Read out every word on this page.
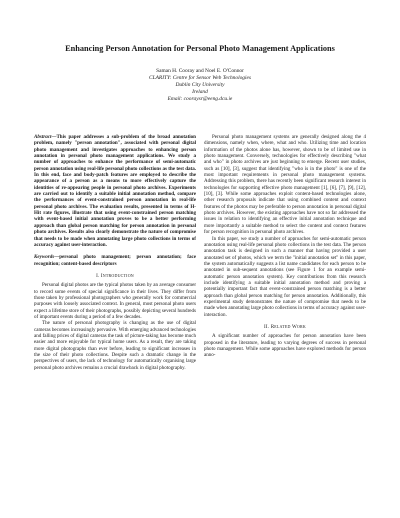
Enhancing Person Annotation for Personal Photo Management Applications
Saman H. Cooray and Noel E. O'Connor
CLARITY: Centre for Sensor Web Technologies
Dublin City University
Ireland
Email: cooraysr@eeng.dcu.ie
Abstract—This paper addresses a sub-problem of the broad annotation problem, namely "person annotation", associated with personal digital photo management and investigates approaches to enhancing person annotation in personal photo management applications. We study a number of approaches to enhance the performance of semi-automatic person annotation using real-life personal photo collections as the test data. In this end, face and body-patch features are employed to describe the appearance of a person as a means to more effectively capture the identities of re-appearing people in personal photo archives. Experiments are carried out to identify a suitable initial annotation method, compare the performances of event-constrained person annotation in real-life personal photo archives. The evaluation results, presented in terms of H-Hit rate figures, illustrate that using event-constrained person matching with event-based initial annotation proves to be a better performing approach than global person matching for person annotation in personal photo archives. Results also clearly demonstrate the nature of compromise that needs to be made when annotating large photo collections in terms of accuracy against user-interaction.
Keywords—personal photo management; person annotation; face recognition; content-based descriptors
I. Introduction

Personal digital photos are the typical photos taken by an average consumer to record some events of special significance in their lives. They differ from those taken by professional photographers who generally work for commercial purposes with loosely associated context. In general, most personal photo users expect a lifetime store of their photographs, possibly depicting several hundreds of important events during a period of a few decades.

The nature of personal photography is changing as the use of digital cameras becomes increasingly pervasive. With emerging advanced technologies and falling prices of digital cameras the task of picture-taking has become much easier and more enjoyable for typical home users. As a result, they are taking more digital photographs than ever before, leading to significant increases in the size of their photo collections. Despite such a dramatic change in the perspectives of users, the lack of technology for automatically organising large personal photo archives remains a crucial drawback in digital photography.

Personal photo management systems are generally designed along the 4 dimensions, namely when, where, what and who. Utilizing time and location information of the photos alone has, however, shown to be of limited use in photo management. Conversely, technologies for effectively describing "what and who" in photo archives are just beginning to emerge. Recent user studies, such as [10], [3], suggest that identifying "who is in the photo" is one of the most important requirements in personal photo management systems. Addressing this problem, there has recently been significant research interest in technologies for supporting effective photo management [1], [6], [7], [9], [12], [10], [3]. While some approaches exploit content-based technologies alone, other research proposals indicate that using combined content and context features of the photos may be preferable to person annotation in personal digital photo archives. However, the existing approaches have not so far addressed the issues in relation to identifying an effective initial annotation technique and more importantly a suitable method to select the content and context features for person recognition in personal photo archives.

In this paper, we study a number of approaches for semi-automatic person annotation using real-life personal photo collections in the test data. The person annotation task is designed in such a manner that having provided a user annotated set of photos, which we term the "initial annotation set" in this paper, the system automatically suggests a list name candidates for each person to be annotated in sub-sequent annotations (see Figure 1 for an example semi-automatic person annotation system). Key contributions from this research include identifying a suitable initial annotation method and proving a potentially important fact that event-constrained person matching is a better approach than global person matching for person annotation. Additionally, this experimental study demonstrates the nature of compromise that needs to be made when annotating large photo collections in terms of accuracy against user-interaction.

II. Related Work

A significant number of approaches for person annotation have been proposed in the literature, leading to varying degrees of success in personal photo management. While some approaches have explored methods for person anno-
